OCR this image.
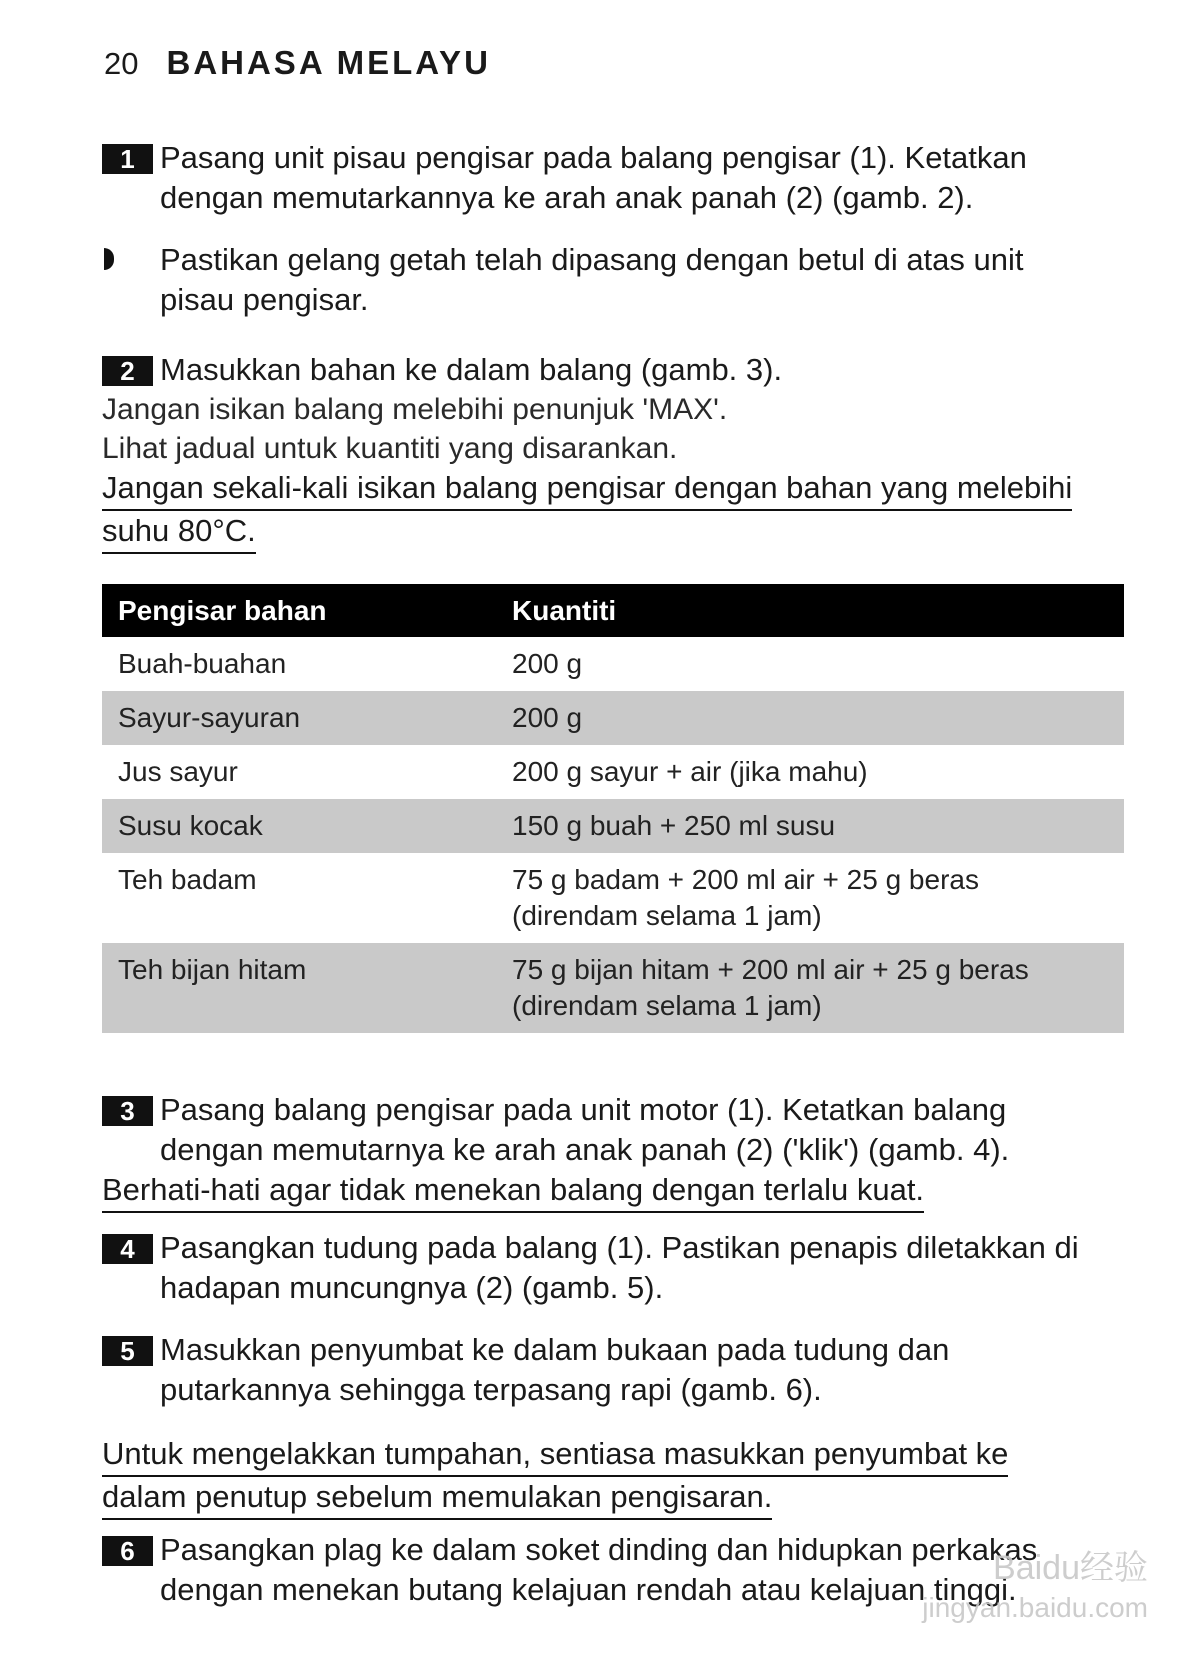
20 BAHASA MELAYU
1 Pasang unit pisau pengisar pada balang pengisar (1). Ketatkan
dengan memutarkannya ke arah anak panah (2) (gamb. 2).
Pastikan gelang getah telah dipasang dengan betul di atas unit
pisau pengisar.
2 Masukkan bahan ke dalam balang (gamb. 3).
Jangan isikan balang melebihi penunjuk 'MAX'.
Lihat jadual untuk kuantiti yang disarankan.
Jangan sekali-kali isikan balang pengisar dengan bahan yang melebihi
suhu 80°C.
Pengisar bahan	Kuantiti
Buah-buahan	200 g
Sayur-sayuran	200 g
Jus sayur	200 g sayur + air (jika mahu)
Susu kocak	150 g buah + 250 ml susu
Teh badam	75 g badam + 200 ml air + 25 g beras
(direndam selama 1 jam)
Teh bijan hitam	75 g bijan hitam + 200 ml air + 25 g beras
(direndam selama 1 jam)
3 Pasang balang pengisar pada unit motor (1). Ketatkan balang
dengan memutarnya ke arah anak panah (2) ('klik') (gamb. 4).
Berhati-hati agar tidak menekan balang dengan terlalu kuat.
4 Pasangkan tudung pada balang (1). Pastikan penapis diletakkan di
hadapan muncungnya (2) (gamb. 5).
5 Masukkan penyumbat ke dalam bukaan pada tudung dan
putarkannya sehingga terpasang rapi (gamb. 6).
Untuk mengelakkan tumpahan, sentiasa masukkan penyumbat ke
dalam penutup sebelum memulakan pengisaran.
6 Pasangkan plag ke dalam soket dinding dan hidupkan perkakas
dengan menekan butang kelajuan rendah atau kelajuan tinggi.
Baidu经验
jingyan.baidu.com
